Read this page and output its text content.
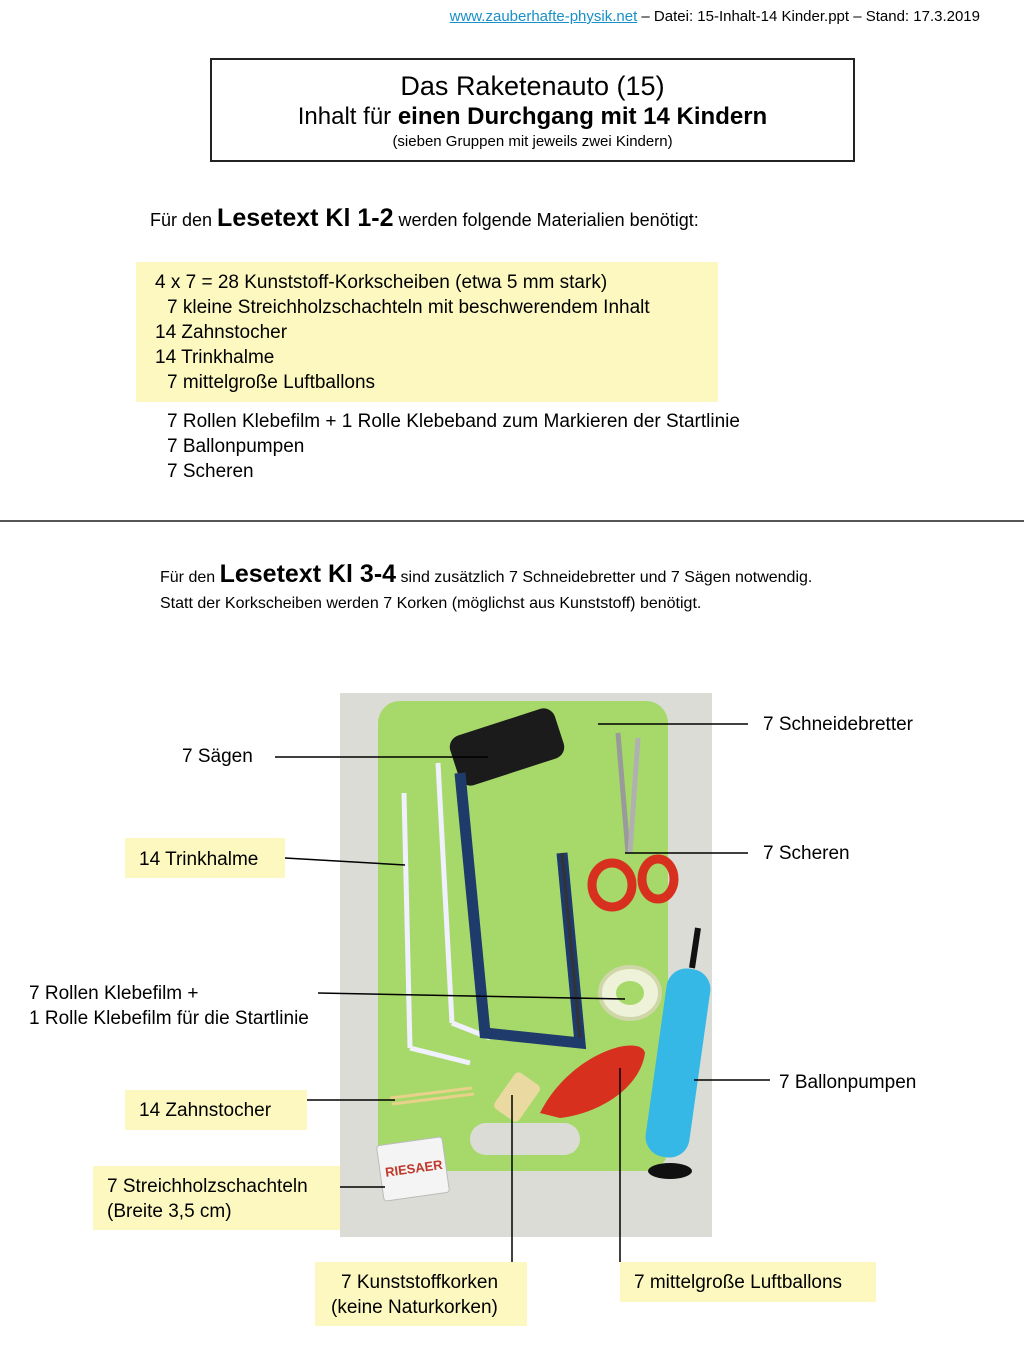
www.zauberhafte-physik.net – Datei: 15-Inhalt-14 Kinder.ppt – Stand: 17.3.2019
Das Raketenauto (15)
Inhalt für einen Durchgang mit 14 Kindern
(sieben Gruppen mit jeweils zwei Kindern)
Für den Lesetext Kl 1-2 werden folgende Materialien benötigt:
4 x 7 = 28 Kunststoff-Korkscheiben (etwa 5 mm stark)
7 kleine Streichholzschachteln mit beschwerendem Inhalt
14 Zahnstocher
14 Trinkhalme
7 mittelgroße Luftballons
7 Rollen Klebefilm + 1 Rolle Klebeband zum Markieren der Startlinie
7 Ballonpumpen
7 Scheren
Für den Lesetext Kl 3-4 sind zusätzlich 7 Schneidebretter und 7 Sägen notwendig.
Statt der Korkscheiben werden 7 Korken (möglichst aus Kunststoff) benötigt.
RIESAER
7 Sägen
14 Trinkhalme
7 Rollen Klebefilm +
1 Rolle Klebefilm für die Startlinie
14 Zahnstocher
7 Streichholzschachteln
(Breite 3,5 cm)
7 Kunststoffkorken
(keine Naturkorken)
7 mittelgroße Luftballons
7 Schneidebretter
7 Scheren
7 Ballonpumpen
